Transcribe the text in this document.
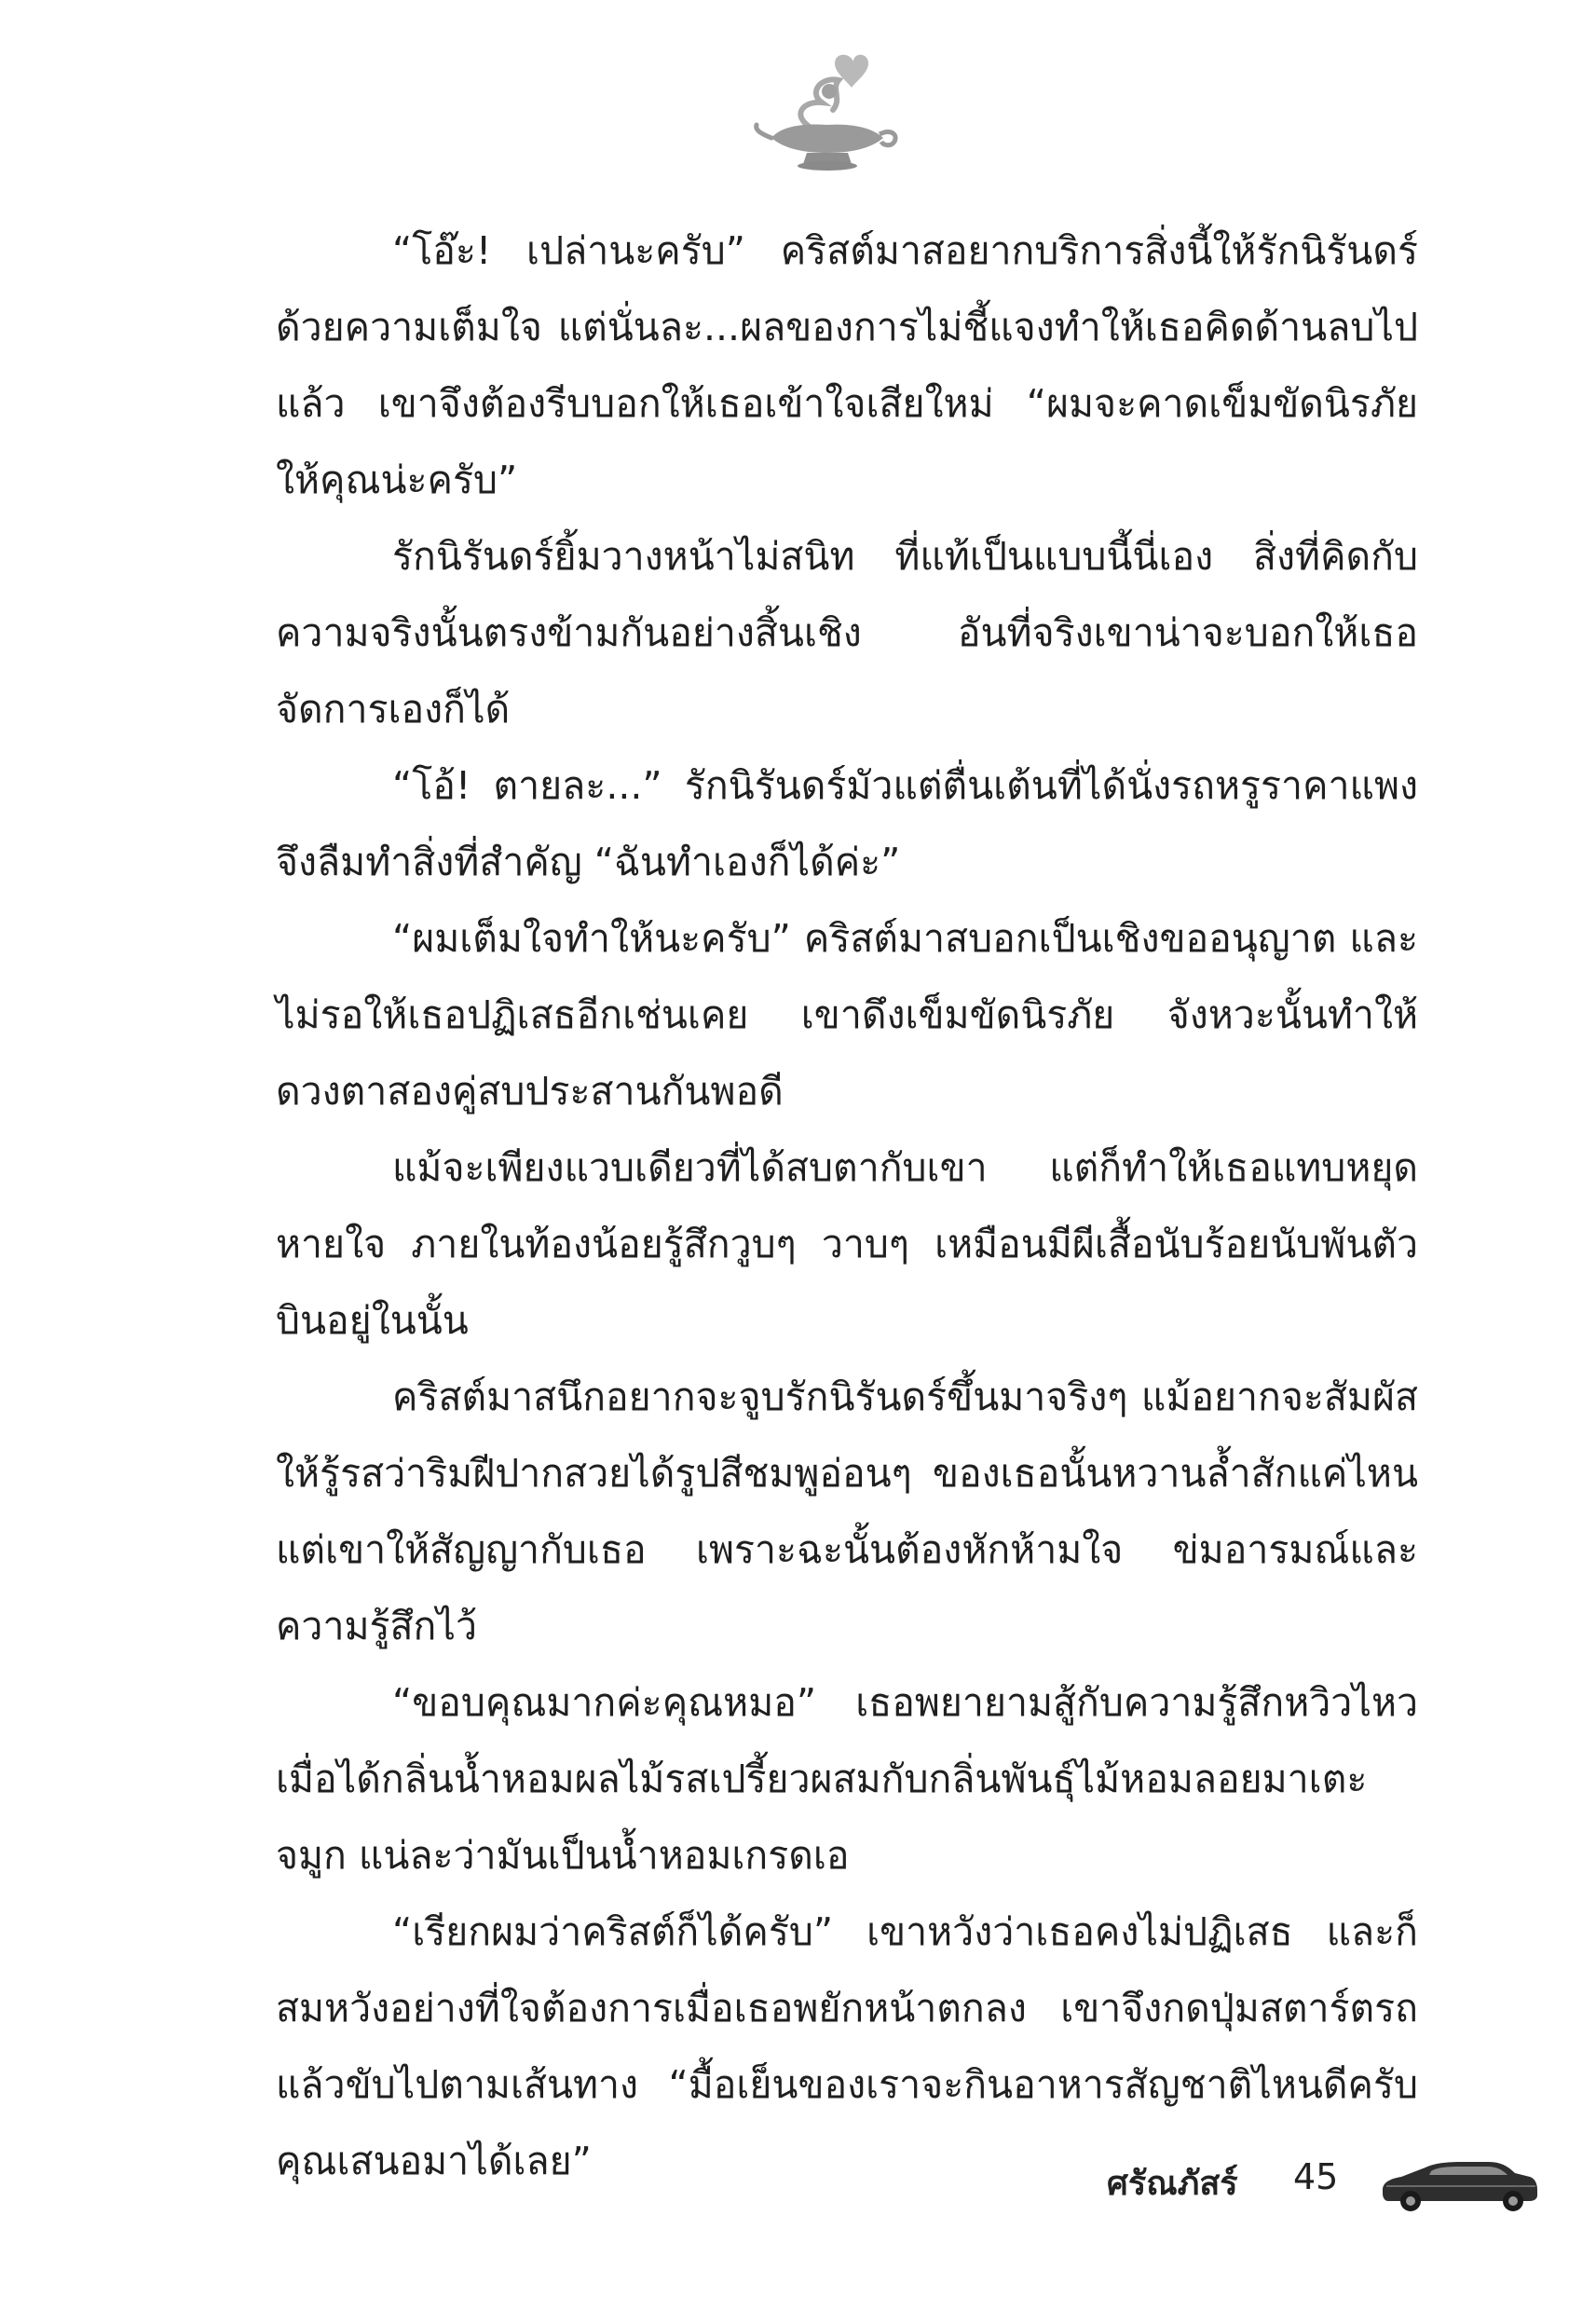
“โอ๊ะ! เปล่านะครับ” คริสต์มาสอยากบริการสิ่งนี้ให้รักนิรันดร์ด้วยความเต็มใจ แต่นั่นละ...ผลของการไม่ชี้แจงทำให้เธอคิดด้านลบไปแล้ว เขาจึงต้องรีบบอกให้เธอเข้าใจเสียใหม่ “ผมจะคาดเข็มขัดนิรภัยให้คุณน่ะครับ”

รักนิรันดร์ยิ้มวางหน้าไม่สนิท ที่แท้เป็นแบบนี้นี่เอง สิ่งที่คิดกับความจริงนั้นตรงข้ามกันอย่างสิ้นเชิง อันที่จริงเขาน่าจะบอกให้เธอจัดการเองก็ได้

“โอ้! ตายละ...” รักนิรันดร์มัวแต่ตื่นเต้นที่ได้นั่งรถหรูราคาแพงจึงลืมทำสิ่งที่สำคัญ “ฉันทำเองก็ได้ค่ะ”

“ผมเต็มใจทำให้นะครับ” คริสต์มาสบอกเป็นเชิงขออนุญาต และไม่รอให้เธอปฏิเสธอีกเช่นเคย เขาดึงเข็มขัดนิรภัย จังหวะนั้นทำให้ดวงตาสองคู่สบประสานกันพอดี

แม้จะเพียงแวบเดียวที่ได้สบตากับเขา แต่ก็ทำให้เธอแทบหยุดหายใจ ภายในท้องน้อยรู้สึกวูบๆ วาบๆ เหมือนมีผีเสื้อนับร้อยนับพันตัวบินอยู่ในนั้น

คริสต์มาสนึกอยากจะจูบรักนิรันดร์ขึ้นมาจริงๆ แม้อยากจะสัมผัสให้รู้รสว่าริมฝีปากสวยได้รูปสีชมพูอ่อนๆ ของเธอนั้นหวานล้ำสักแค่ไหน แต่เขาให้สัญญากับเธอ เพราะฉะนั้นต้องหักห้ามใจ ข่มอารมณ์และความรู้สึกไว้

“ขอบคุณมากค่ะคุณหมอ” เธอพยายามสู้กับความรู้สึกหวิวไหวเมื่อได้กลิ่นน้ำหอมผลไม้รสเปรี้ยวผสมกับกลิ่นพันธุ์ไม้หอมลอยมาเตะจมูก แน่ละว่ามันเป็นน้ำหอมเกรดเอ

“เรียกผมว่าคริสต์ก็ได้ครับ” เขาหวังว่าเธอคงไม่ปฏิเสธ และก็สมหวังอย่างที่ใจต้องการเมื่อเธอพยักหน้าตกลง เขาจึงกดปุ่มสตาร์ตรถแล้วขับไปตามเส้นทาง “มื้อเย็นของเราจะกินอาหารสัญชาติไหนดีครับคุณเสนอมาได้เลย”

ศรัณภัสร์ 45
